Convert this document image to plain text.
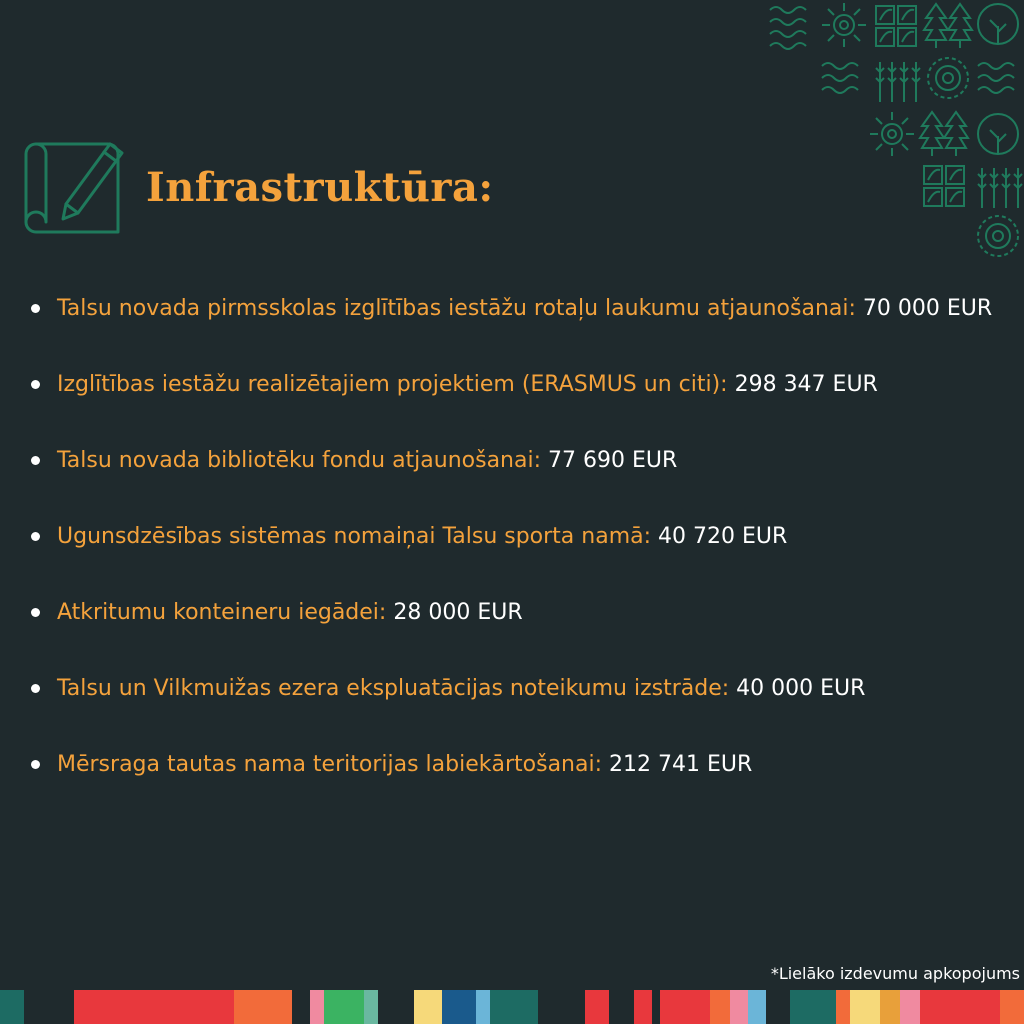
Infrastruktūra:
Talsu novada pirmsskolas izglītības iestāžu rotaļu laukumu atjaunošanai: 70 000 EUR
Izglītības iestāžu realizētajiem projektiem (ERASMUS un citi): 298 347 EUR
Talsu novada bibliotēku fondu atjaunošanai: 77 690 EUR
Ugunsdzēsības sistēmas nomaiņai Talsu sporta namā: 40 720 EUR
Atkritumu konteineru iegādei: 28 000 EUR
Talsu un Vilkmuižas ezera ekspluatācijas noteikumu izstrāde: 40 000 EUR
Mērsraga tautas nama teritorijas labiekārtošanai: 212 741 EUR
*Lielāko izdevumu apkopojums
